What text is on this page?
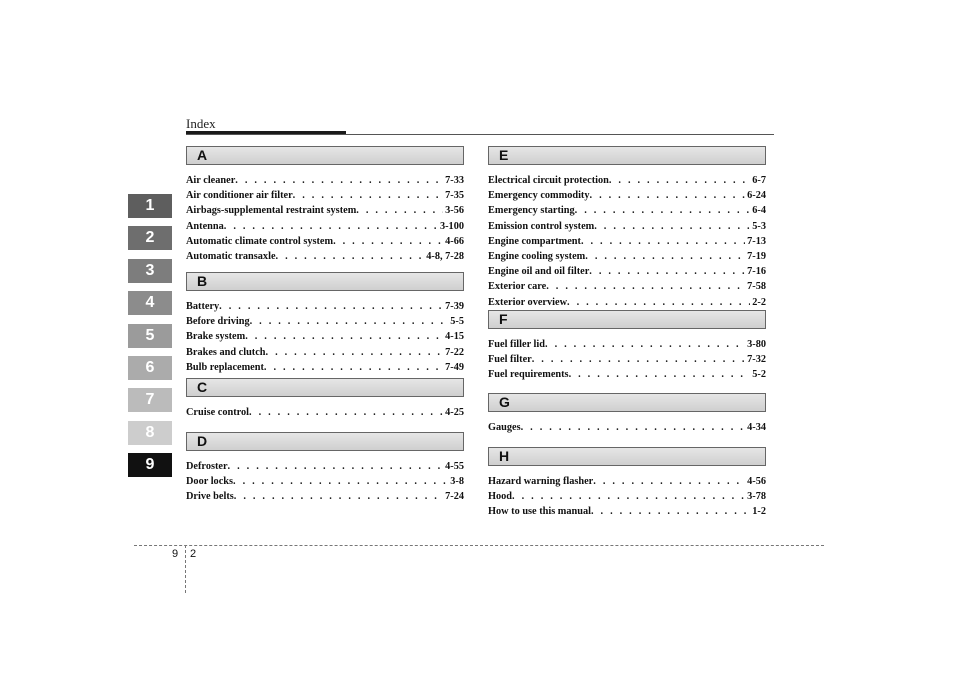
Index
1
2
3
4
5
6
7
8
9
A
Air cleaner . . .	7-33
Air conditioner air filter . . .	7-35
Airbags-supplemental restraint system . . .	3-56
Antenna . . .	3-100
Automatic climate control system . . .	4-66
Automatic transaxle . . .	4-8, 7-28
B
Battery . . .	7-39
Before driving . . .	5-5
Brake system . . .	4-15
Brakes and clutch . . .	7-22
Bulb replacement . . .	7-49
C
Cruise control . . .	4-25
D
Defroster . . .	4-55
Door locks . . .	3-8
Drive belts . . .	7-24
E
Electrical circuit protection . . .	6-7
Emergency commodity . . .	6-24
Emergency starting . . .	6-4
Emission control system . . .	5-3
Engine compartment . . .	7-13
Engine cooling system . . .	7-19
Engine oil and oil filter . . .	7-16
Exterior care . . .	7-58
Exterior overview . . .	2-2
F
Fuel filler lid . . .	3-80
Fuel filter . . .	7-32
Fuel requirements . . .	5-2
G
Gauges . . .	4-34
H
Hazard warning flasher . . .	4-56
Hood . . .	3-78
How to use this manual . . .	1-2
9 2
